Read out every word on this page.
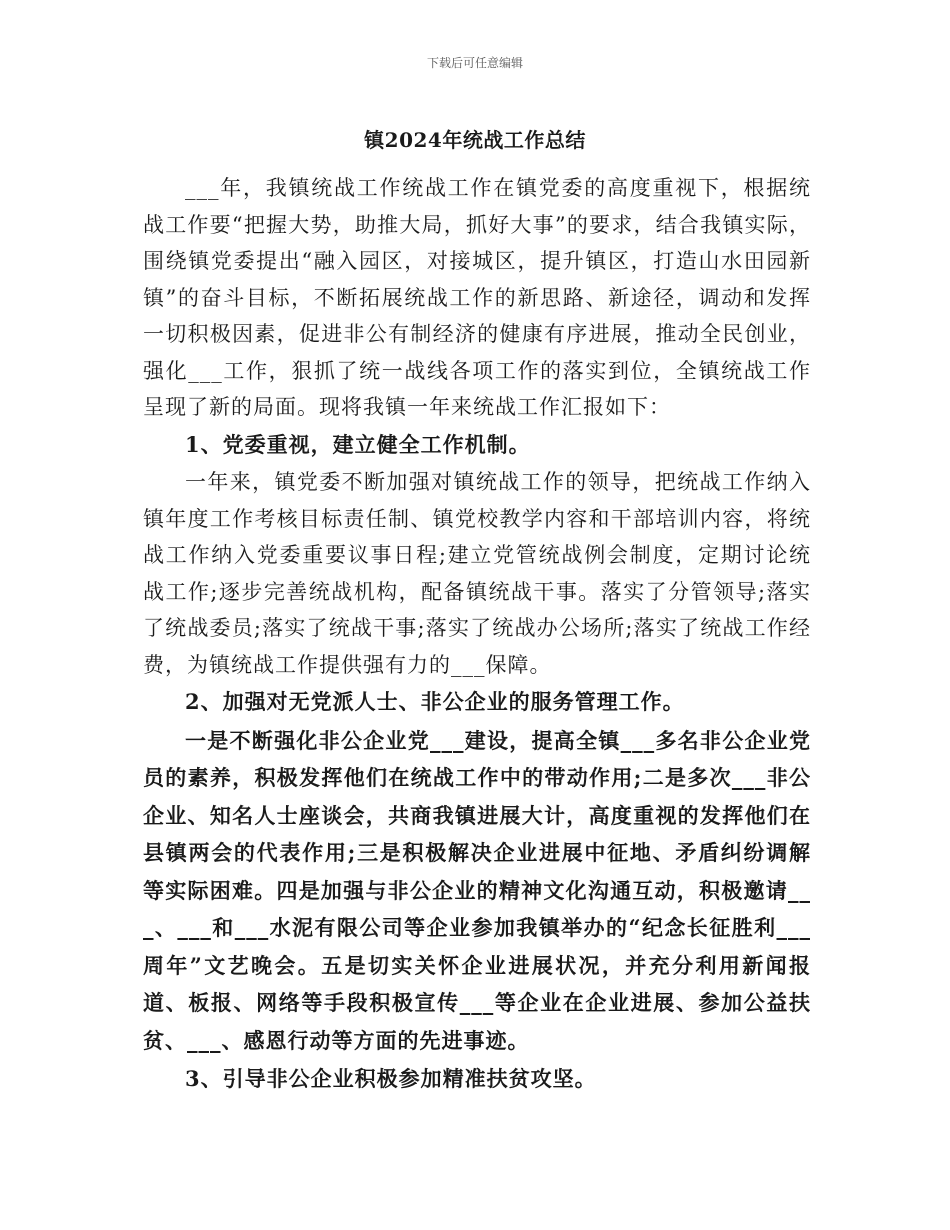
下载后可任意编辑
镇2024年统战工作总结

___年，我镇统战工作统战工作在镇党委的高度重视下，根据统战工作要“把握大势，助推大局，抓好大事”的要求，结合我镇实际，围绕镇党委提出“融入园区，对接城区，提升镇区，打造山水田园新镇”的奋斗目标，不断拓展统战工作的新思路、新途径，调动和发挥一切积极因素，促进非公有制经济的健康有序进展，推动全民创业，强化___工作，狠抓了统一战线各项工作的落实到位，全镇统战工作呈现了新的局面。现将我镇一年来统战工作汇报如下：

1、党委重视，建立健全工作机制。

一年来，镇党委不断加强对镇统战工作的领导，把统战工作纳入镇年度工作考核目标责任制、镇党校教学内容和干部培训内容，将统战工作纳入党委重要议事日程;建立党管统战例会制度，定期讨论统战工作;逐步完善统战机构，配备镇统战干事。落实了分管领导;落实了统战委员;落实了统战干事;落实了统战办公场所;落实了统战工作经费，为镇统战工作提供强有力的___保障。

2、加强对无党派人士、非公企业的服务管理工作。

一是不断强化非公企业党___建设，提高全镇___多名非公企业党员的素养，积极发挥他们在统战工作中的带动作用;二是多次___非公企业、知名人士座谈会，共商我镇进展大计，高度重视的发挥他们在县镇两会的代表作用;三是积极解决企业进展中征地、矛盾纠纷调解等实际困难。四是加强与非公企业的精神文化沟通互动，积极邀请___、___和___水泥有限公司等企业参加我镇举办的“纪念长征胜利___周年”文艺晚会。五是切实关怀企业进展状况，并充分利用新闻报道、板报、网络等手段积极宣传___等企业在企业进展、参加公益扶贫、___、感恩行动等方面的先进事迹。

3、引导非公企业积极参加精准扶贫攻坚。
